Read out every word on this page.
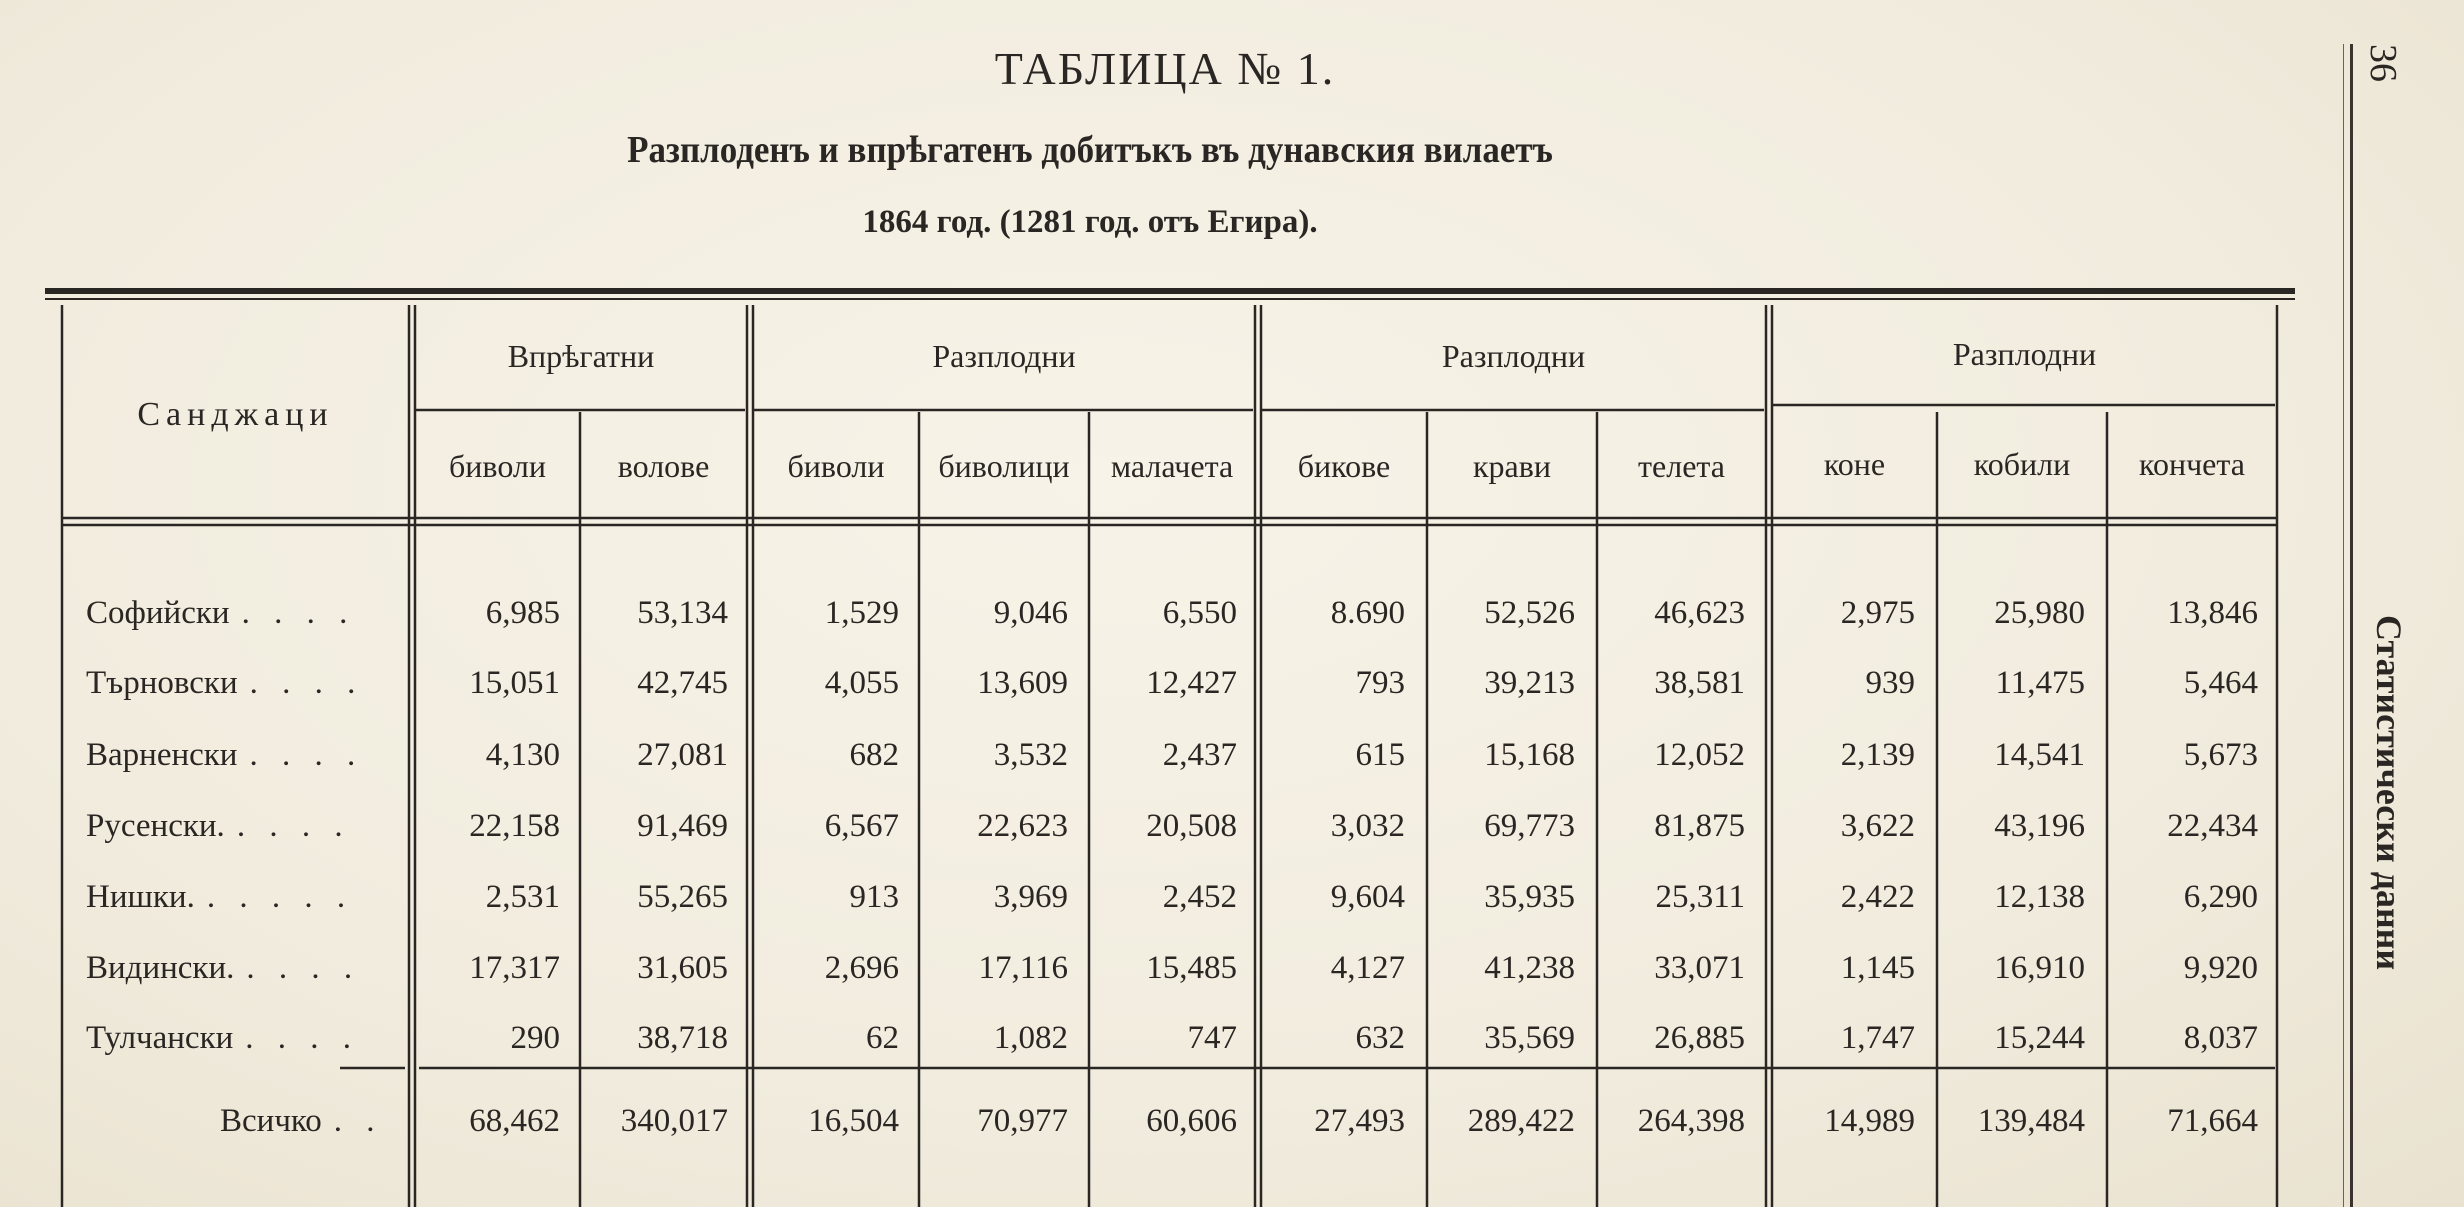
ТАБЛИЦА № 1.
Разплоденъ и впрѣгатенъ добитъкъ въ дунавския вилаетъ
1864 год. (1281 год. отъ Егира).
36
Статистически данни
Санджаци
Впрѣгатни	Разплодни	Разплодни	Разплодни
биволи	волове	биволи	биволици	малачета	бикове	крави	телета	коне	кобили	кончета
Софийски . . . .	6,985	53,134	1,529	9,046	6,550	8.690	52,526	46,623	2,975	25,980	13,846
Търновски . . . .	15,051	42,745	4,055	13,609	12,427	793	39,213	38,581	939	11,475	5,464
Варненски . . . .	4,130	27,081	682	3,532	2,437	615	15,168	12,052	2,139	14,541	5,673
Русенски. . . . .	22,158	91,469	6,567	22,623	20,508	3,032	69,773	81,875	3,622	43,196	22,434
Нишки. . . . . .	2,531	55,265	913	3,969	2,452	9,604	35,935	25,311	2,422	12,138	6,290
Видински. . . . .	17,317	31,605	2,696	17,116	15,485	4,127	41,238	33,071	1,145	16,910	9,920
Тулчански . . . .	290	38,718	62	1,082	747	632	35,569	26,885	1,747	15,244	8,037
Всичко . .	68,462	340,017	16,504	70,977	60,606	27,493	289,422	264,398	14,989	139,484	71,664
